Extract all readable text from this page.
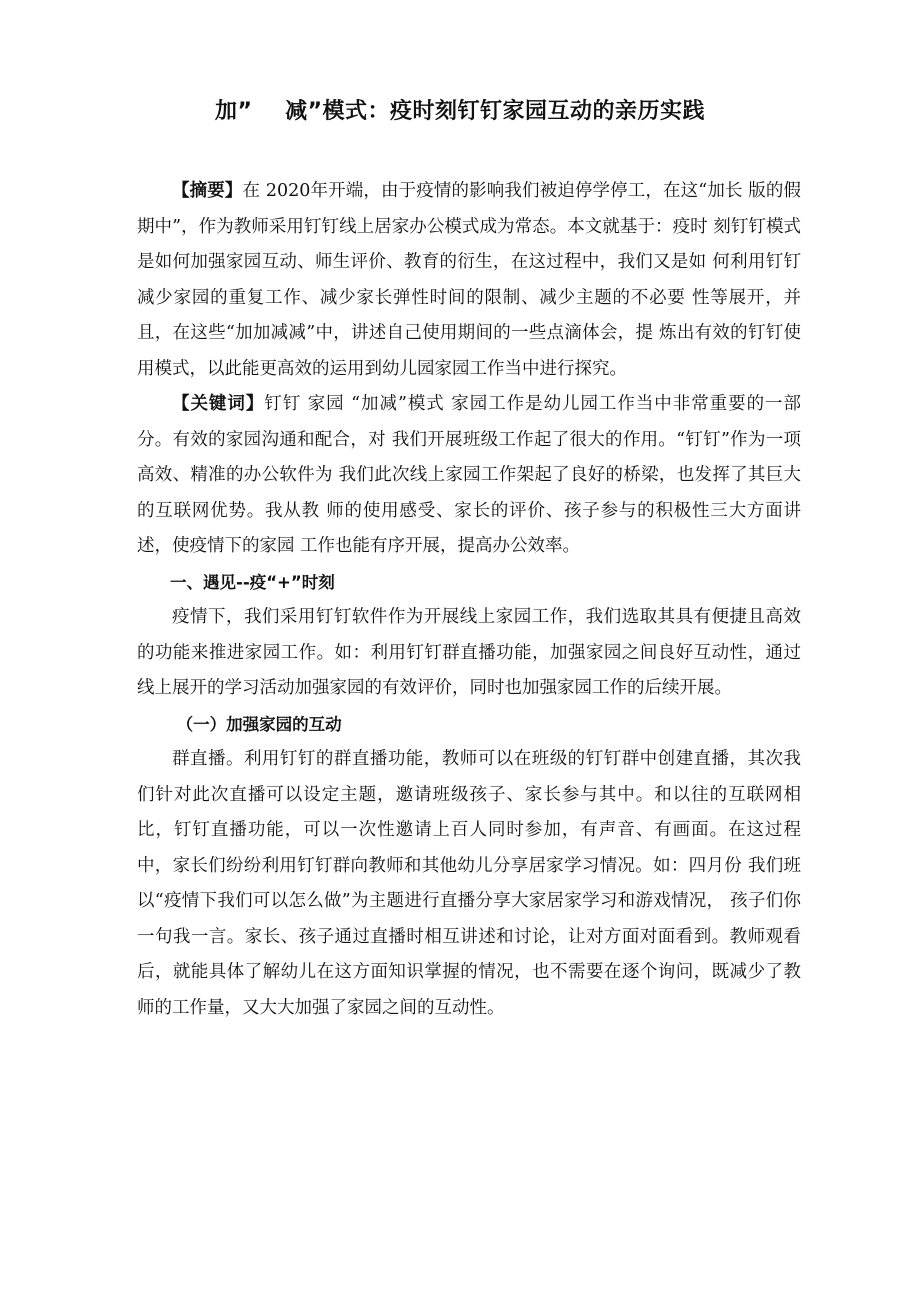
加”    减”模式：疫时刻钉钉家园互动的亲历实践

【摘要】在 2020年开端，由于疫情的影响我们被迫停学停工，在这“加长 版的假期中”，作为教师采用钉钉线上居家办公模式成为常态。本文就基于：疫时 刻钉钉模式是如何加强家园互动、师生评价、教育的衍生，在这过程中，我们又是如 何利用钉钉减少家园的重复工作、减少家长弹性时间的限制、减少主题的不必要 性等展开，并且，在这些“加加减减”中，讲述自己使用期间的一些点滴体会，提 炼出有效的钉钉使用模式，以此能更高效的运用到幼儿园家园工作当中进行探究。

【关键词】钉钉 家园 “加减”模式 家园工作是幼儿园工作当中非常重要的一部分。有效的家园沟通和配合，对 我们开展班级工作起了很大的作用。“钉钉”作为一项高效、精准的办公软件为 我们此次线上家园工作架起了良好的桥梁，也发挥了其巨大的互联网优势。我从教 师的使用感受、家长的评价、孩子参与的积极性三大方面讲述，使疫情下的家园 工作也能有序开展，提高办公效率。

一、遇见--疫“+”时刻

疫情下，我们采用钉钉软件作为开展线上家园工作，我们选取其具有便捷且高效的功能来推进家园工作。如：利用钉钉群直播功能，加强家园之间良好互动性，通过线上展开的学习活动加强家园的有效评价，同时也加强家园工作的后续开展。

（一）加强家园的互动

群直播。利用钉钉的群直播功能，教师可以在班级的钉钉群中创建直播，其次我们针对此次直播可以设定主题，邀请班级孩子、家长参与其中。和以往的互联网相比，钉钉直播功能，可以一次性邀请上百人同时参加，有声音、有画面。在这过程中，家长们纷纷利用钉钉群向教师和其他幼儿分享居家学习情况。如：四月份 我们班以“疫情下我们可以怎么做”为主题进行直播分享大家居家学习和游戏情况， 孩子们你一句我一言。家长、孩子通过直播时相互讲述和讨论，让对方面对面看到。教师观看后，就能具体了解幼儿在这方面知识掌握的情况，也不需要在逐个询问，既减少了教师的工作量，又大大加强了家园之间的互动性。
